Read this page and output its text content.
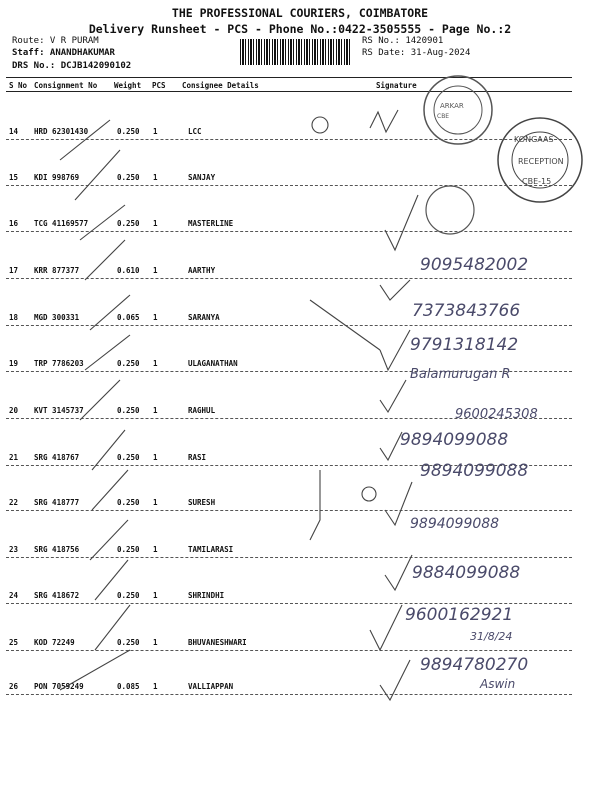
THE PROFESSIONAL COURIERS, COIMBATORE
Delivery Runsheet - PCS - Phone No.:0422-3505555 - Page No.:2
Route: V R PURAM
Staff: ANANDHAKUMAR
DRS No.: DCJB142090102
RS No.: 1420901
RS Date: 31-Aug-2024
S No Consignment No Weight PCS Consignee Details	Signature
14 HRD 62301430	0.250 1	LCC
15 KDI 998769	0.250 1	SANJAY
16 TCG 41169577	0.250 1	MASTERLINE
17 KRR 877377	0.610 1	AARTHY
18 MGD 300331	0.065 1	SARANYA
19 TRP 7786203	0.250 1	ULAGANATHAN
20 KVT 3145737	0.250 1	RAGHUL
21 SRG 418767	0.250 1	RASI
22 SRG 418777	0.250 1	SURESH
23 SRG 418756	0.250 1	TAMILARASI
24 SRG 418672	0.250 1	SHRINDHI
25 KOD 72249	0.250 1	BHUVANESHWARI
26 PON 7059249	0.085 1	VALLIAPPAN
ARKAR
CBE
KONGAAS
RECEPTION
CBE-15
9095482002
7373843766
9791318142
Balamurugan R
9600245308
9894099088
9894099088
9894099088
9884099088
9600162921
31/8/24
9894780270
Aswin
